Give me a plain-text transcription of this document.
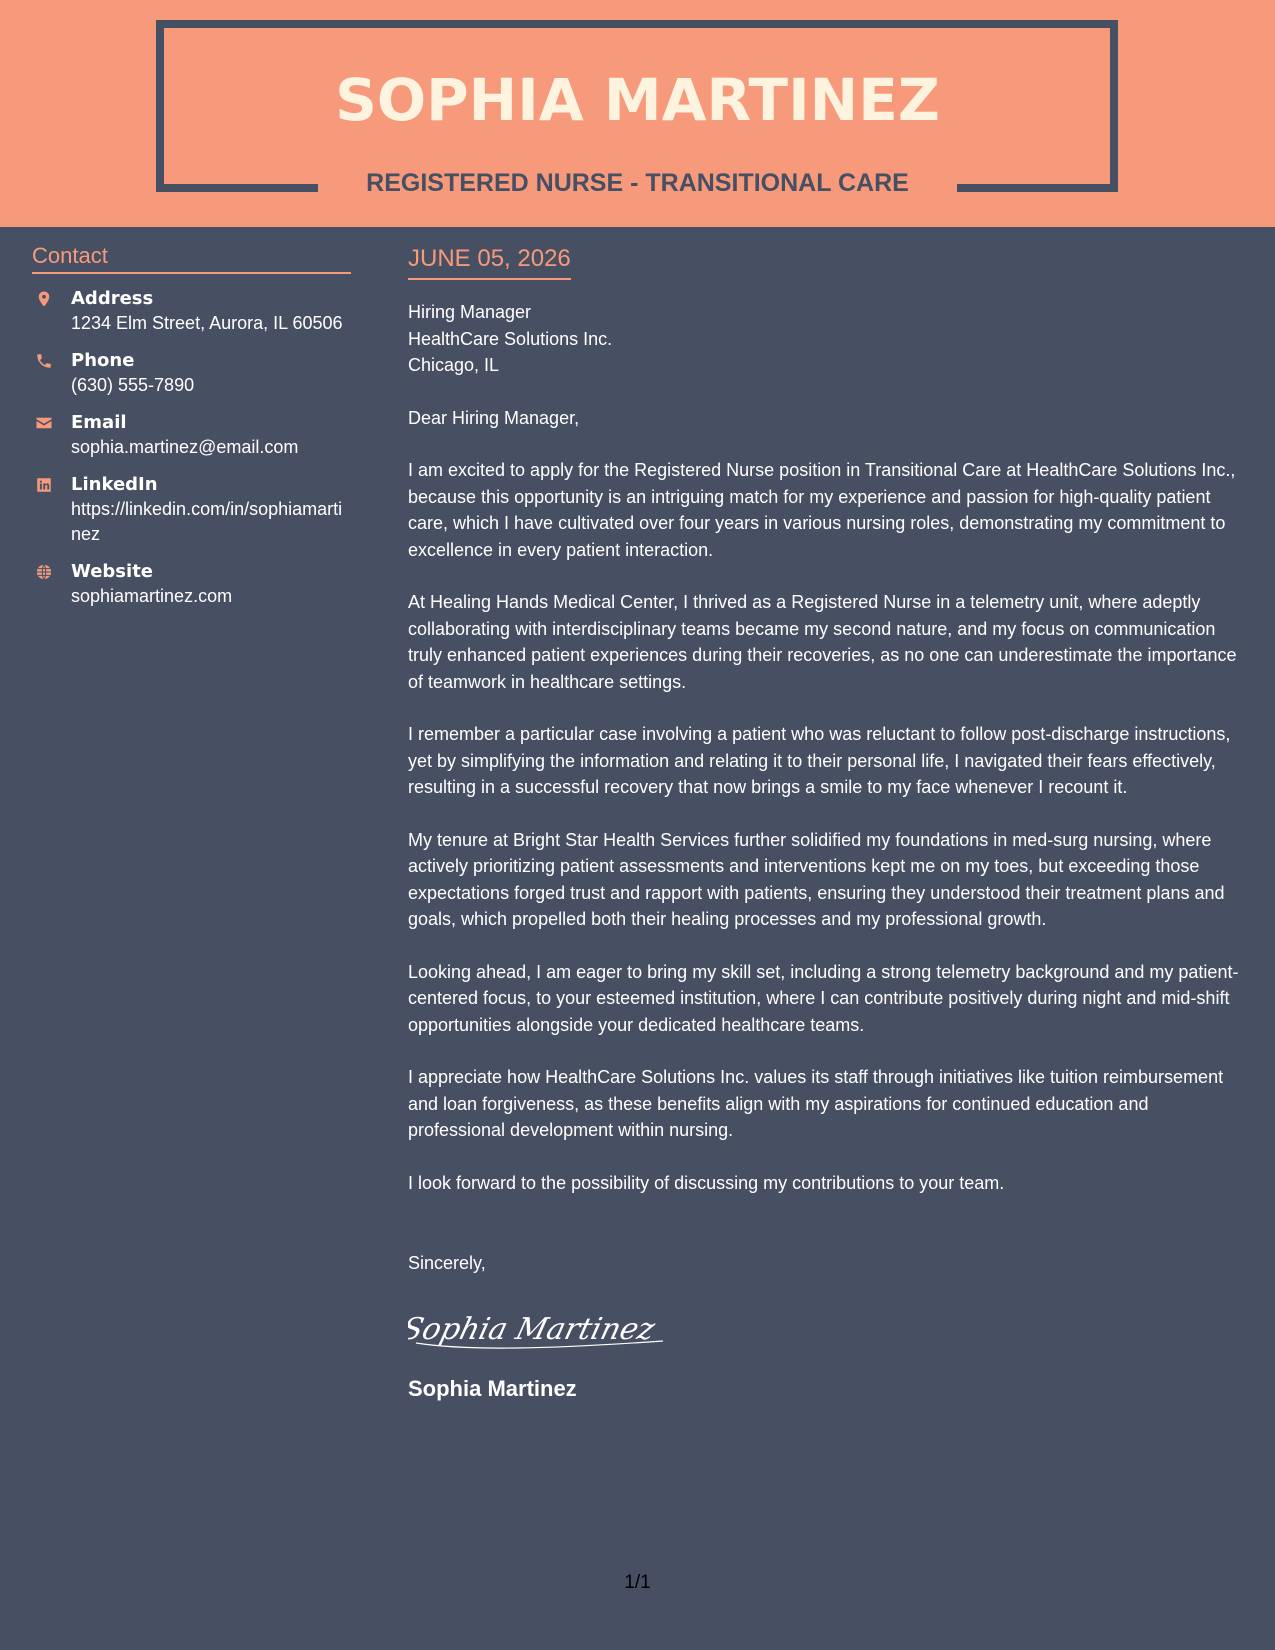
SOPHIA MARTINEZ
REGISTERED NURSE - TRANSITIONAL CARE
Contact
Address
1234 Elm Street, Aurora, IL 60506
Phone
(630) 555-7890
Email
sophia.martinez@email.com
LinkedIn
https://linkedin.com/in/sophiamartinez
Website
sophiamartinez.com
JUNE 05, 2026
Hiring Manager
HealthCare Solutions Inc.
Chicago, IL

Dear Hiring Manager,

I am excited to apply for the Registered Nurse position in Transitional Care at HealthCare Solutions Inc., because this opportunity is an intriguing match for my experience and passion for high-quality patient care, which I have cultivated over four years in various nursing roles, demonstrating my commitment to excellence in every patient interaction.

At Healing Hands Medical Center, I thrived as a Registered Nurse in a telemetry unit, where adeptly collaborating with interdisciplinary teams became my second nature, and my focus on communication truly enhanced patient experiences during their recoveries, as no one can underestimate the importance of teamwork in healthcare settings.

I remember a particular case involving a patient who was reluctant to follow post-discharge instructions, yet by simplifying the information and relating it to their personal life, I navigated their fears effectively, resulting in a successful recovery that now brings a smile to my face whenever I recount it.

My tenure at Bright Star Health Services further solidified my foundations in med-surg nursing, where actively prioritizing patient assessments and interventions kept me on my toes, but exceeding those expectations forged trust and rapport with patients, ensuring they understood their treatment plans and goals, which propelled both their healing processes and my professional growth.

Looking ahead, I am eager to bring my skill set, including a strong telemetry background and my patient-centered focus, to your esteemed institution, where I can contribute positively during night and mid-shift opportunities alongside your dedicated healthcare teams.

I appreciate how HealthCare Solutions Inc. values its staff through initiatives like tuition reimbursement and loan forgiveness, as these benefits align with my aspirations for continued education and professional development within nursing.

I look forward to the possibility of discussing my contributions to your team.

Sincerely,
Sophia Martinez
Sophia Martinez
1/1
